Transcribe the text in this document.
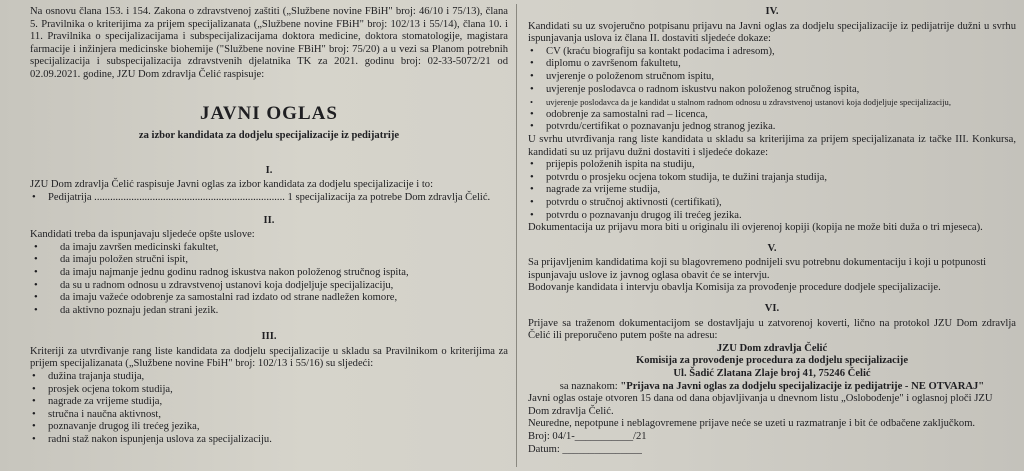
Na osnovu člana 153. i 154. Zakona o zdravstvenoj zaštiti („Službene novine FBiH" broj: 46/10 i 75/13), člana 5. Pravilnika o kriterijima za prijem specijalizanata („Službene novine FBiH" broj: 102/13 i 55/14), člana 10. i 11. Pravilnika o specijalizacijama i subspecijalizacijama doktora medicine, doktora stomatologije, magistara farmacije i inžinjera medicinske biohemije ("Službene novine FBiH" broj: 75/20) a u vezi sa Planom potrebnih specijalizacija i subspecijalizacija zdravstvenih djelatnika TK za 2021. godinu broj: 02-33-5072/21 od 02.09.2021. godine, JZU Dom zdravlja Čelić raspisuje:

JAVNI OGLAS
za izbor kandidata za dodjelu specijalizacije iz pedijatrije
I.

JZU Dom zdravlja Čelić raspisuje Javni oglas za izbor kandidata za dodjelu specijalizacije i to:

• Pedijatrija ........................................................................ 1 specijalizacija za potrebe Dom zdravlja Čelić.
II.

Kandidati treba da ispunjavaju sljedeće opšte uslove:

• da imaju završen medicinski fakultet,
• da imaju položen stručni ispit,
• da imaju najmanje jednu godinu radnog iskustva nakon položenog stručnog ispita,
• da su u radnom odnosu u zdravstvenoj ustanovi koja dodjeljuje specijalizaciju,
• da imaju važeće odobrenje za samostalni rad izdato od strane nadležen komore,
• da aktivno poznaju jedan strani jezik.
III.

Kriteriji za utvrđivanje rang liste kandidata za dodjelu specijalizacije u skladu sa Pravilnikom o kriterijima za prijem specijalizanata („Službene novine FbiH" broj: 102/13 i 55/16) su sljedeći:

• dužina trajanja studija,
• prosjek ocjena tokom studija,
• nagrade za vrijeme studija,
• stručna i naučna aktivnost,
• poznavanje drugog ili trećeg jezika,
• radni staž nakon ispunjenja uslova za specijalizaciju.
IV.

Kandidati su uz svojeručno potpisanu prijavu na Javni oglas za dodjelu specijalizacije iz pedijatrije dužni u svrhu ispunjavanja uslova iz člana II. dostaviti sljedeće dokaze:

• CV (kraću biografiju sa kontakt podacima i adresom),
• diplomu o završenom fakultetu,
• uvjerenje o položenom stručnom ispitu,
• uvjerenje poslodavca o radnom iskustvu nakon položenog stručnog ispita,
• uvjerenje poslodavca da je kandidat u stalnom radnom odnosu u zdravstvenoj ustanovi koja dodjeljuje specijalizaciju,
• odobrenje za samostalni rad – licenca,
• potvrdu/certifikat o poznavanju jednog stranog jezika.

U svrhu utvrđivanja rang liste kandidata u skladu sa kriterijima za prijem specijalizanata iz tačke III. Konkursa, kandidati su uz prijavu dužni dostaviti i sljedeće dokaze:

• prijepis položenih ispita na studiju,
• potvrdu o prosjeku ocjena tokom studija, te dužini trajanja studija,
• nagrade za vrijeme studija,
• potvrdu o stručnoj aktivnosti (certifikati),
• potvrdu o poznavanju drugog ili trećeg jezika.

Dokumentacija uz prijavu mora biti u originalu ili ovjerenoj kopiji (kopija ne može biti duža o tri mjeseca).

V.

Sa prijavljenim kandidatima koji su blagovremeno podnijeli svu potrebnu dokumentaciju i koji u potpunosti ispunjavaju uslove iz javnog oglasa obavit će se intervju.

Bodovanje kandidata i intervju obavlja Komisija za provođenje procedure dodjele specijalizacije.

VI.

Prijave sa traženom dokumentacijom se dostavljaju u zatvorenoj koverti, lično na protokol JZU Dom zdravlja Čelić ili preporučeno putem pošte na adresu:

JZU Dom zdravlja Čelić

Komisija za provođenje procedura za dodjelu specijalizacije

Ul. Šadić Zlatana Zlaje broj 41, 75246 Čelić

sa naznakom: "Prijava na Javni oglas za dodjelu specijalizacije iz pedijatrije - NE OTVARAJ"

Javni oglas ostaje otvoren 15 dana od dana objavljivanja u dnevnom listu „Oslobođenje" i oglasnoj ploči JZU Dom zdravlja Čelić.

Neuredne, nepotpune i neblagovremene prijave neće se uzeti u razmatranje i bit će odbačene zaključkom.

Broj: 04/1-___________/21

Datum: _______________
